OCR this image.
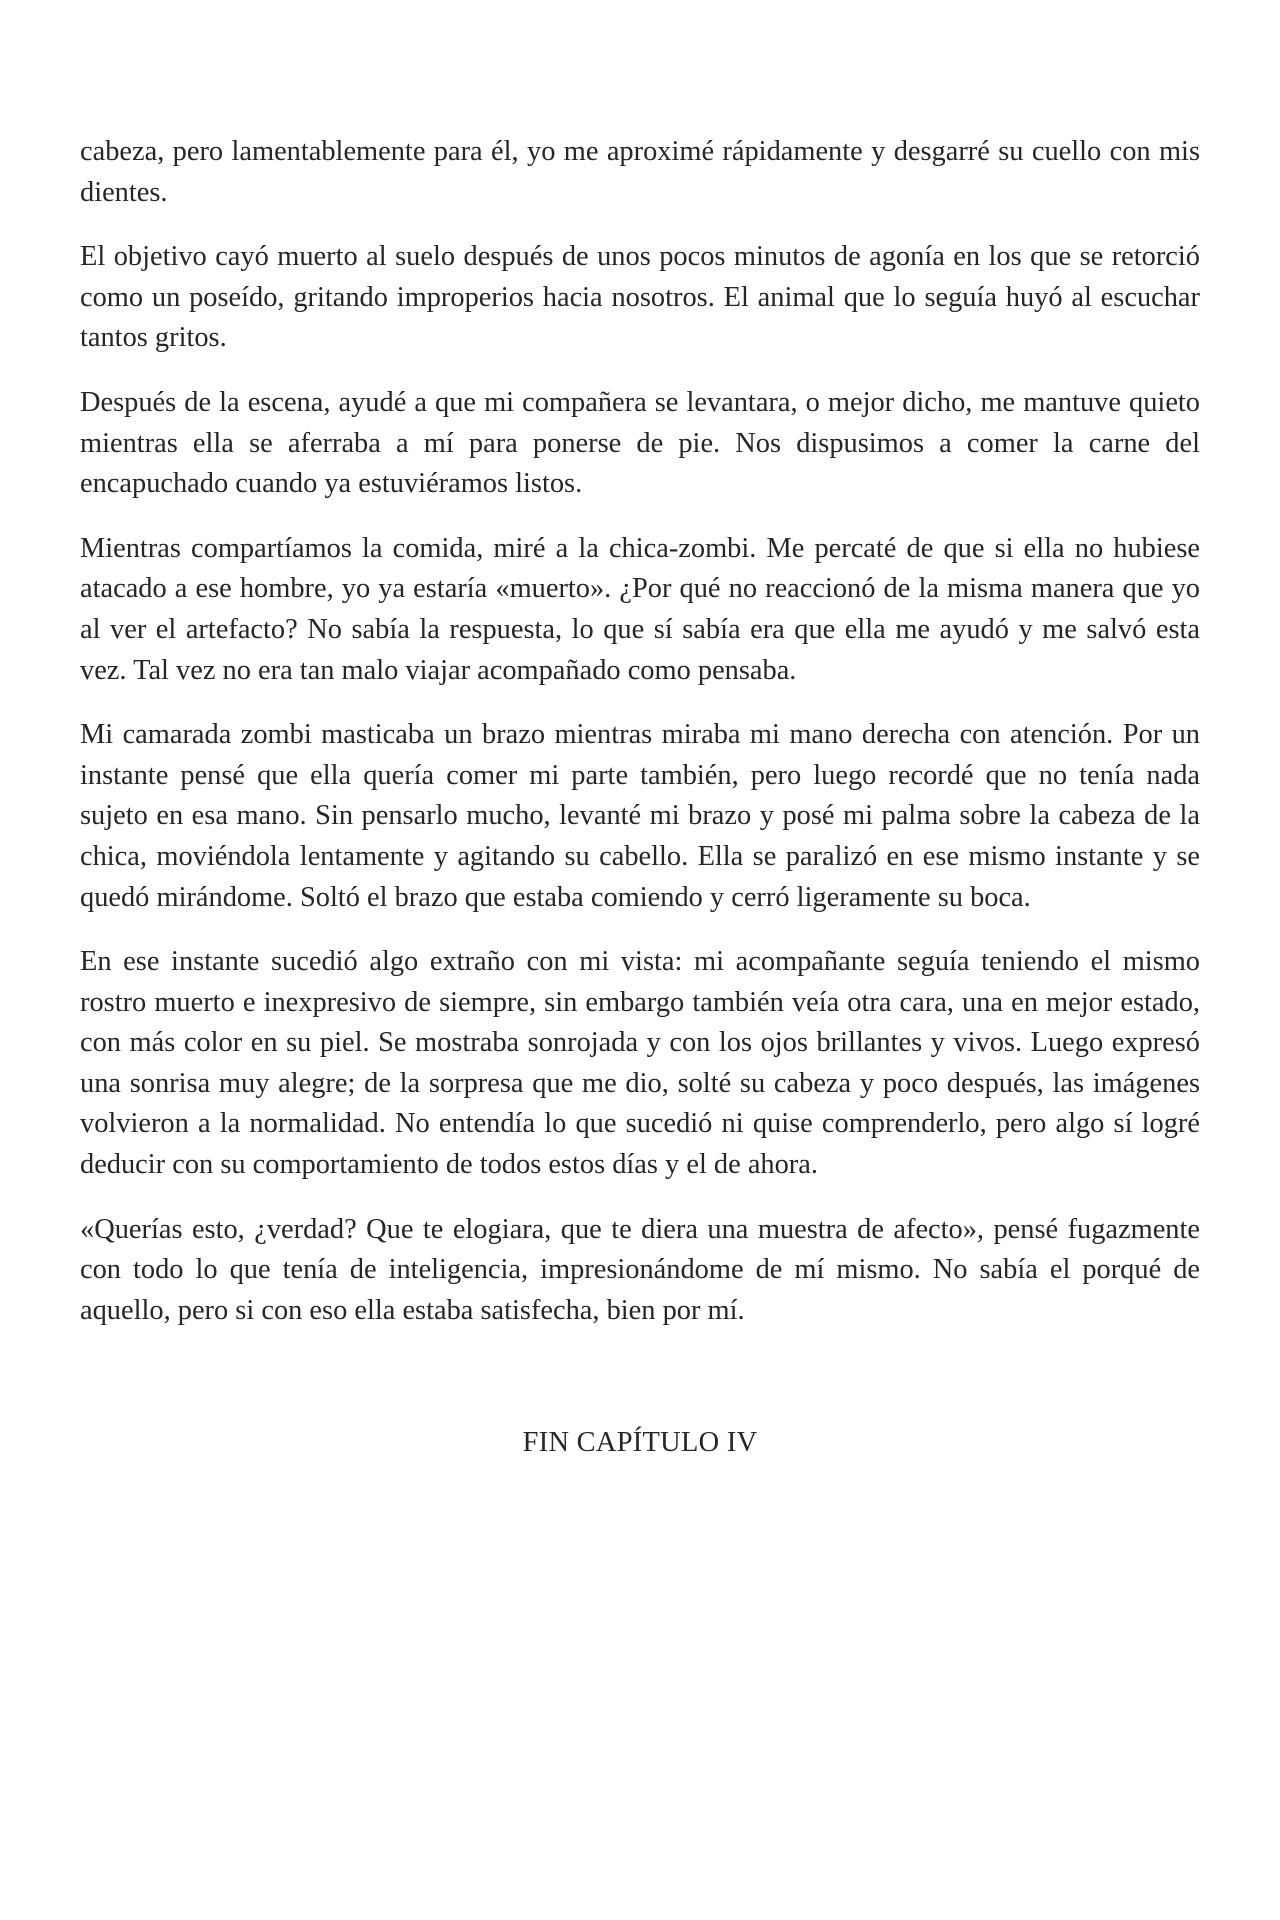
cabeza, pero lamentablemente para él, yo me aproximé rápidamente y desgarré su cuello con mis dientes.

El objetivo cayó muerto al suelo después de unos pocos minutos de agonía en los que se retorció como un poseído, gritando improperios hacia nosotros. El animal que lo seguía huyó al escuchar tantos gritos.

Después de la escena, ayudé a que mi compañera se levantara, o mejor dicho, me mantuve quieto mientras ella se aferraba a mí para ponerse de pie. Nos dispusimos a comer la carne del encapuchado cuando ya estuviéramos listos.

Mientras compartíamos la comida, miré a la chica-zombi. Me percaté de que si ella no hubiese atacado a ese hombre, yo ya estaría «muerto». ¿Por qué no reaccionó de la misma manera que yo al ver el artefacto? No sabía la respuesta, lo que sí sabía era que ella me ayudó y me salvó esta vez. Tal vez no era tan malo viajar acompañado como pensaba.

Mi camarada zombi masticaba un brazo mientras miraba mi mano derecha con atención. Por un instante pensé que ella quería comer mi parte también, pero luego recordé que no tenía nada sujeto en esa mano. Sin pensarlo mucho, levanté mi brazo y posé mi palma sobre la cabeza de la chica, moviéndola lentamente y agitando su cabello. Ella se paralizó en ese mismo instante y se quedó mirándome. Soltó el brazo que estaba comiendo y cerró ligeramente su boca.

En ese instante sucedió algo extraño con mi vista: mi acompañante seguía teniendo el mismo rostro muerto e inexpresivo de siempre, sin embargo también veía otra cara, una en mejor estado, con más color en su piel. Se mostraba sonrojada y con los ojos brillantes y vivos. Luego expresó una sonrisa muy alegre; de la sorpresa que me dio, solté su cabeza y poco después, las imágenes volvieron a la normalidad. No entendía lo que sucedió ni quise comprenderlo, pero algo sí logré deducir con su comportamiento de todos estos días y el de ahora.

«Querías esto, ¿verdad? Que te elogiara, que te diera una muestra de afecto», pensé fugazmente con todo lo que tenía de inteligencia, impresionándome de mí mismo. No sabía el porqué de aquello, pero si con eso ella estaba satisfecha, bien por mí.

FIN CAPÍTULO IV
